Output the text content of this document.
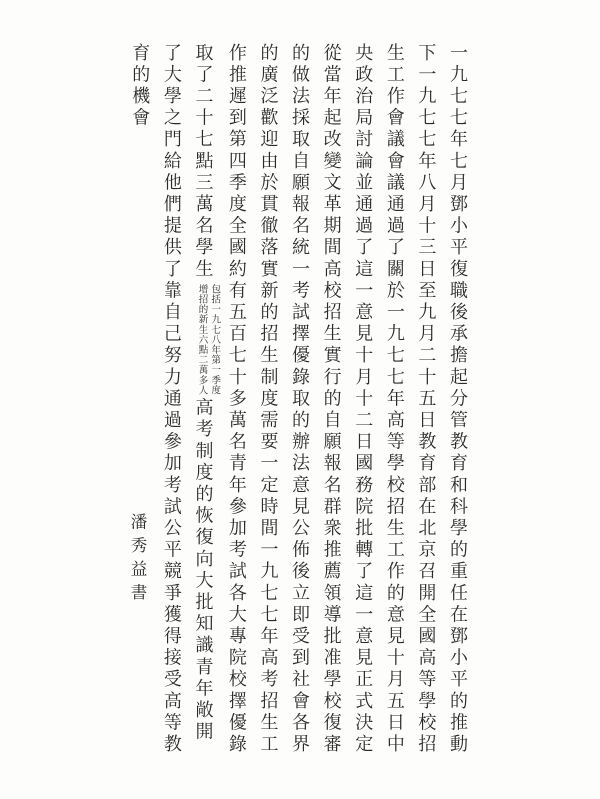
一九七七年七月鄧小平復職後承擔起分管教育和科學的重任在鄧小平的推動
下一九七七年八月十三日至九月二十五日教育部在北京召開全國高等學校招
生工作會議會議通過了關於一九七七年高等學校招生工作的意見十月五日中
央政治局討論並通過了這一意見十月十二日國務院批轉了這一意見正式決定
從當年起改變文革期間高校招生實行的自願報名群衆推薦領導批准學校復審
的做法採取自願報名統一考試擇優錄取的辦法意見公佈後立即受到社會各界
的廣泛歡迎由於貫徹落實新的招生制度需要一定時間一九七七年高考招生工
作推遲到第四季度全國約有五百七十多萬名青年參加考試各大專院校擇優錄
取了二十七點三萬名學生
包括一九七八年第一季度
增招的新生六點二萬多人
高考制度的恢復向大批知識青年敞開
了大學之門給他們提供了靠自己努力通過參加考試公平競爭獲得接受高等教
育的機會
潘秀益書
